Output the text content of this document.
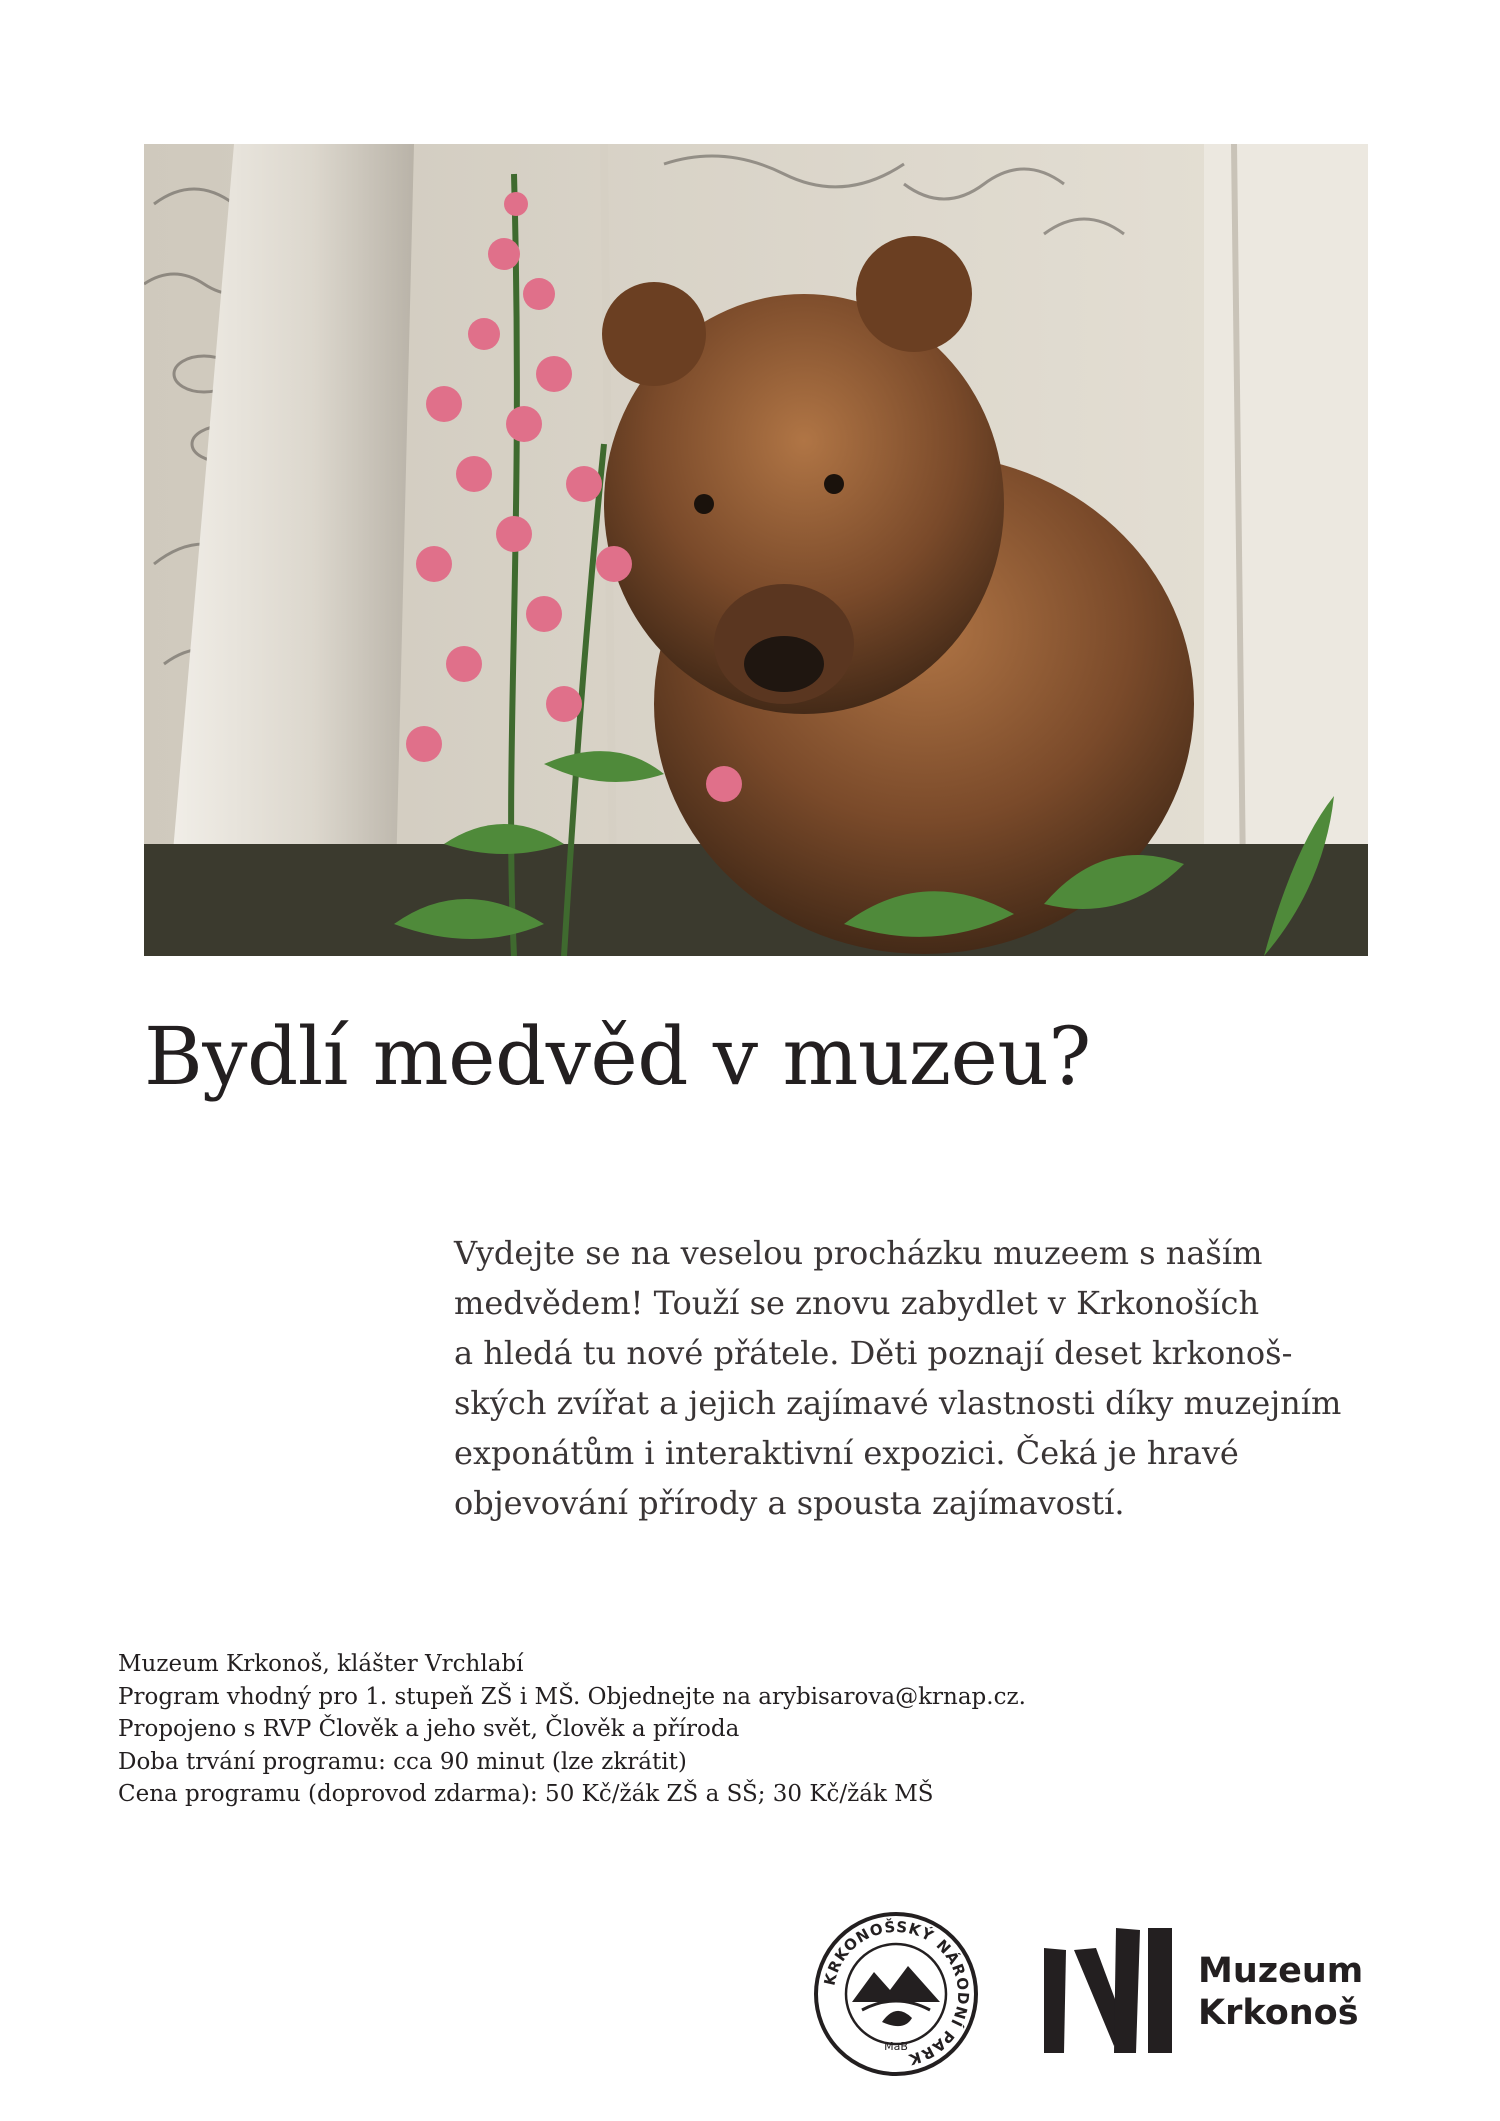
Bydlí medvěd v muzeu?
Vydejte se na veselou procházku muzeem s naším
medvědem! Touží se znovu zabydlet v Krkonoších
a hledá tu nové přátele. Děti poznají deset krkonoš-
ských zvířat a jejich zajímavé vlastnosti díky muzejním
exponátům i interaktivní expozici. Čeká je hravé
objevování přírody a spousta zajímavostí.
Muzeum Krkonoš, klášter Vrchlabí
Program vhodný pro 1. stupeň ZŠ i MŠ. Objednejte na arybisarova@krnap.cz.
Propojeno s RVP Člověk a jeho svět, Člověk a příroda
Doba trvání programu: cca 90 minut (lze zkrátit)
Cena programu (doprovod zdarma): 50 Kč/žák ZŠ a SŠ; 30 Kč/žák MŠ
KRKONOŠSKÝ NÁRODNÍ PARK
MaB
Muzeum
Krkonoš
